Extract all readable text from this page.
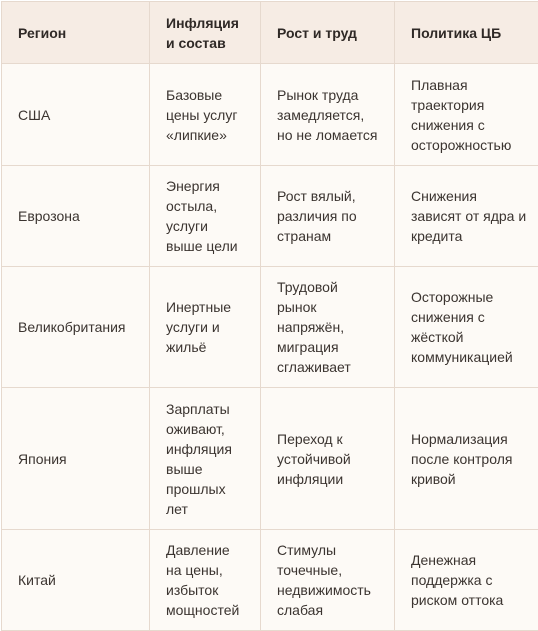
Регион	Инфляция и состав	Рост и труд	Политика ЦБ
США	Базовые цены услуг «липкие»	Рынок труда замедляется, но не ломается	Плавная траектория снижения с осторожностью
Еврозона	Энергия остыла, услуги выше цели	Рост вялый, различия по странам	Снижения зависят от ядра и кредита
Великобритания	Инертные услуги и жильё	Трудовой рынок напряжён, миграция сглаживает	Осторожные снижения с жёсткой коммуникацией
Япония	Зарплаты оживают, инфляция выше прошлых лет	Переход к устойчивой инфляции	Нормализация после контроля кривой
Китай	Давление на цены, избыток мощностей	Стимулы точечные, недвижимость слабая	Денежная поддержка с риском оттока
